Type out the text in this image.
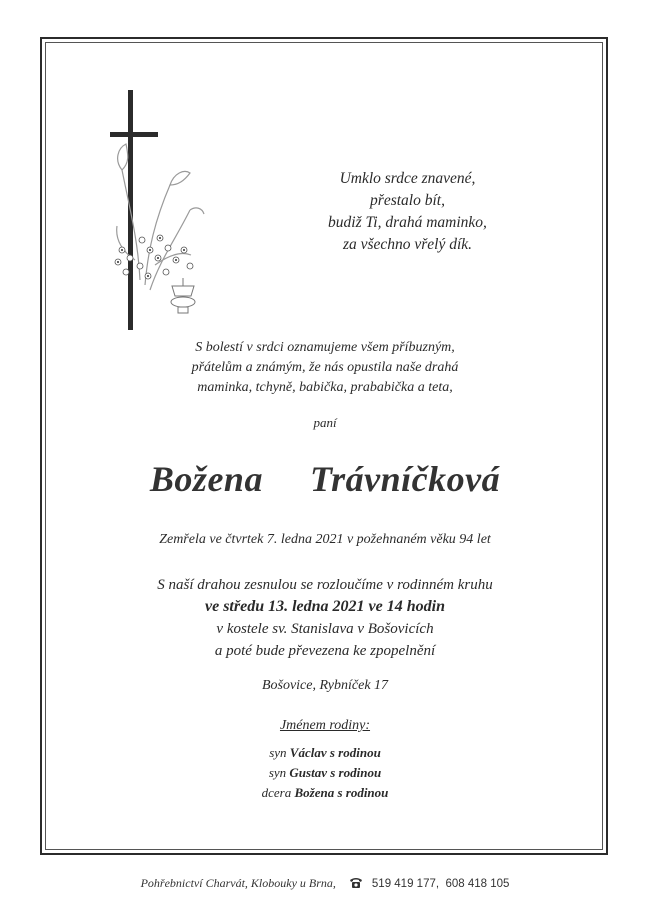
Umklo srdce znavené,
přestalo bít,
budiž Ti, drahá maminko,
za všechno vřelý dík.
S bolestí v srdci oznamujeme všem příbuzným,
přátelům a známým, že nás opustila naše drahá
maminka, tchyně, babička, prababička a teta,
paní
Božena  Trávníčková
Zemřela ve čtvrtek 7. ledna 2021 v požehnaném věku 94 let
S naší drahou zesnulou se rozloučíme v rodinném kruhu
ve středu 13. ledna 2021 ve 14 hodin
v kostele sv. Stanislava v Bošovicích
a poté bude převezena ke zpopelnění
Bošovice, Rybníček 17
Jménem rodiny:
syn Václav s rodinou
syn Gustav s rodinou
dcera Božena s rodinou
Pohřebnictví Charvát, Klobouky u Brna,	519 419 177,  608 418 105
